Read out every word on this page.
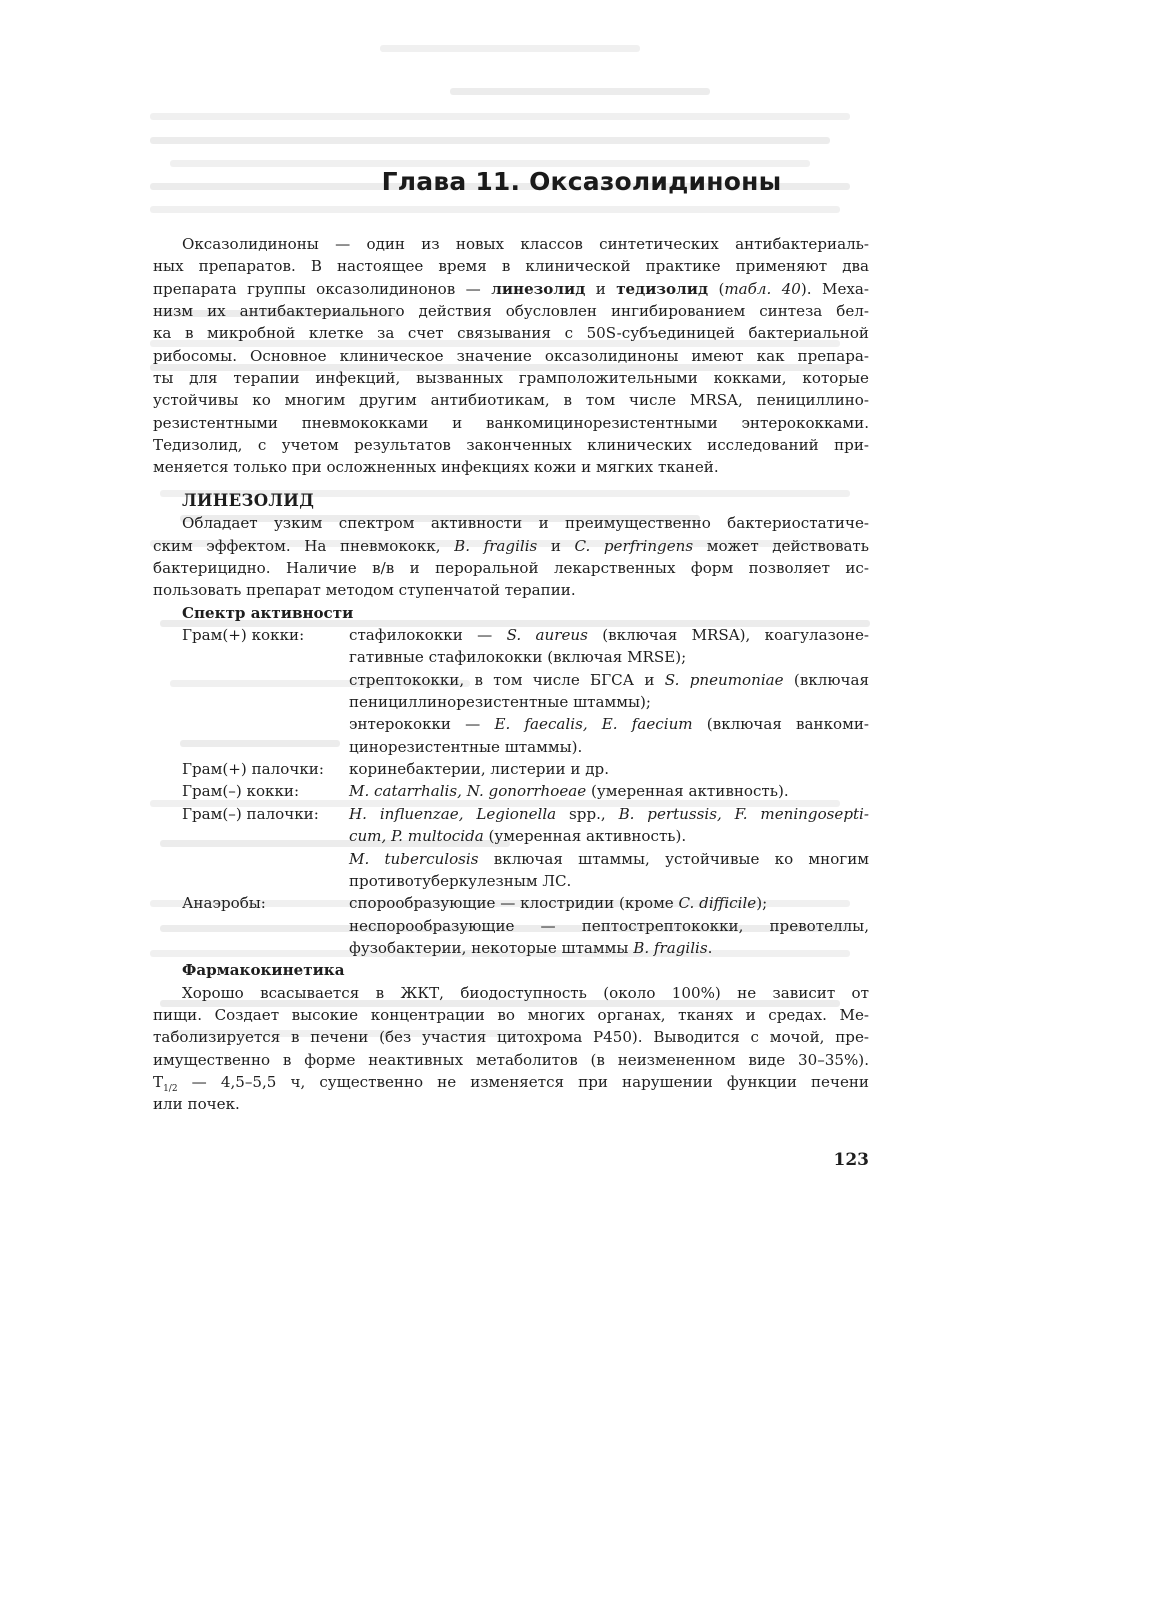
Глава 11. Оксазолидиноны
Оксазолидиноны — один из новых классов синтетических антибактериаль-
ных препаратов. В настоящее время в клинической практике применяют два
препарата группы оксазолидинонов — линезолид и тедизолид (табл. 40). Меха-
низм их антибактериального действия обусловлен ингибированием синтеза бел-
ка в микробной клетке за счет связывания с 50S-субъединицей бактериальной
рибосомы. Основное клиническое значение оксазолидиноны имеют как препара-
ты для терапии инфекций, вызванных грамположительными кокками, которые
устойчивы ко многим другим антибиотикам, в том числе MRSA, пенициллино-
резистентными пневмококками и ванкомицинорезистентными энтерококками.
Тедизолид, с учетом результатов законченных клинических исследований при-
меняется только при осложненных инфекциях кожи и мягких тканей.
ЛИНЕЗОЛИД
Обладает узким спектром активности и преимущественно бактериостатиче-
ским эффектом. На пневмококк, B. fragilis и C. perfringens может действовать
бактерицидно. Наличие в/в и пероральной лекарственных форм позволяет ис-
пользовать препарат методом ступенчатой терапии.
Спектр активности
Грам(+) кокки:	стафилококки — S. aureus (включая MRSA), коагулазоне-
гативные стафилококки (включая MRSE);
стрептококки, в том числе БГСА и S. pneumoniae (включая
пенициллинорезистентные штаммы);
энтерококки — E. faecalis, E. faecium (включая ванкоми-
цинорезистентные штаммы).
Грам(+) палочки:	коринебактерии, листерии и др.
Грам(–) кокки:	M. catarrhalis, N. gonorrhoeae (умеренная активность).
Грам(–) палочки:	H. influenzae, Legionella spp., B. pertussis, F. meningosepti-
cum, P. multocida (умеренная активность).
M. tuberculosis включая штаммы, устойчивые ко многим
противотуберкулезным ЛС.
Анаэробы:	спорообразующие — клостридии (кроме C. difficile);
неспорообразующие — пептострептококки, превотеллы,
фузобактерии, некоторые штаммы B. fragilis.
Фармакокинетика
Хорошо всасывается в ЖКТ, биодоступность (около 100%) не зависит от
пищи. Создает высокие концентрации во многих органах, тканях и средах. Ме-
таболизируется в печени (без участия цитохрома Р450). Выводится с мочой, пре-
имущественно в форме неактивных метаболитов (в неизмененном виде 30–35%).
$T_{1/2}$ — 4,5–5,5 ч, существенно не изменяется при нарушении функции печени
или почек.
123
